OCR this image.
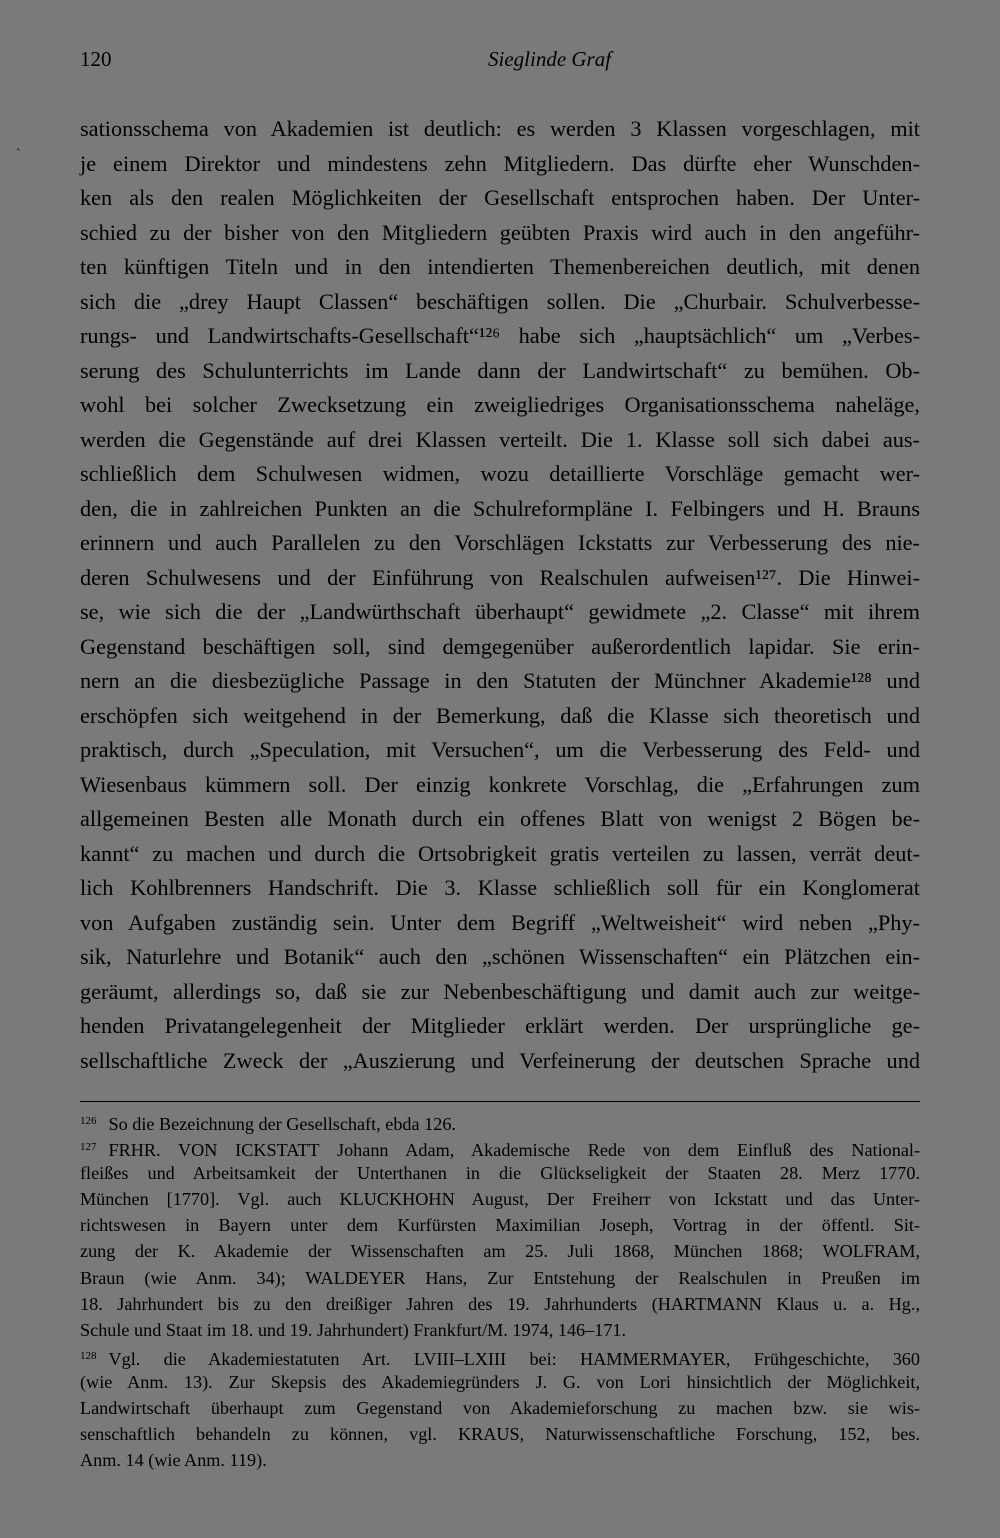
120	Sieglinde Graf
`
sationsschema von Akademien ist deutlich: es werden 3 Klassen vorgeschlagen, mit
je einem Direktor und mindestens zehn Mitgliedern. Das dürfte eher Wunschden-
ken als den realen Möglichkeiten der Gesellschaft entsprochen haben. Der Unter-
schied zu der bisher von den Mitgliedern geübten Praxis wird auch in den angeführ-
ten künftigen Titeln und in den intendierten Themenbereichen deutlich, mit denen
sich die „drey Haupt Classen“ beschäftigen sollen. Die „Churbair. Schulverbesse-
rungs- und Landwirtschafts-Gesellschaft“¹²⁶ habe sich „hauptsächlich“ um „Verbes-
serung des Schulunterrichts im Lande dann der Landwirtschaft“ zu bemühen. Ob-
wohl bei solcher Zwecksetzung ein zweigliedriges Organisationsschema naheläge,
werden die Gegenstände auf drei Klassen verteilt. Die 1. Klasse soll sich dabei aus-
schließlich dem Schulwesen widmen, wozu detaillierte Vorschläge gemacht wer-
den, die in zahlreichen Punkten an die Schulreformpläne I. Felbingers und H. Brauns
erinnern und auch Parallelen zu den Vorschlägen Ickstatts zur Verbesserung des nie-
deren Schulwesens und der Einführung von Realschulen aufweisen¹²⁷. Die Hinwei-
se, wie sich die der „Landwürthschaft überhaupt“ gewidmete „2. Classe“ mit ihrem
Gegenstand beschäftigen soll, sind demgegenüber außerordentlich lapidar. Sie erin-
nern an die diesbezügliche Passage in den Statuten der Münchner Akademie¹²⁸ und
erschöpfen sich weitgehend in der Bemerkung, daß die Klasse sich theoretisch und
praktisch, durch „Speculation, mit Versuchen“, um die Verbesserung des Feld- und
Wiesenbaus kümmern soll. Der einzig konkrete Vorschlag, die „Erfahrungen zum
allgemeinen Besten alle Monath durch ein offenes Blatt von wenigst 2 Bögen be-
kannt“ zu machen und durch die Ortsobrigkeit gratis verteilen zu lassen, verrät deut-
lich Kohlbrenners Handschrift. Die 3. Klasse schließlich soll für ein Konglomerat
von Aufgaben zuständig sein. Unter dem Begriff „Weltweisheit“ wird neben „Phy-
sik, Naturlehre und Botanik“ auch den „schönen Wissenschaften“ ein Plätzchen ein-
geräumt, allerdings so, daß sie zur Nebenbeschäftigung und damit auch zur weitge-
henden Privatangelegenheit der Mitglieder erklärt werden. Der ursprüngliche ge-
sellschaftliche Zweck der „Auszierung und Verfeinerung der deutschen Sprache und
$^{126}$ So die Bezeichnung der Gesellschaft, ebda 126.
$^{127}$ FRHR. VON ICKSTATT Johann Adam, Akademische Rede von dem Einfluß des National-
fleißes und Arbeitsamkeit der Unterthanen in die Glückseligkeit der Staaten 28. Merz 1770.
München [1770]. Vgl. auch KLUCKHOHN August, Der Freiherr von Ickstatt und das Unter-
richtswesen in Bayern unter dem Kurfürsten Maximilian Joseph, Vortrag in der öffentl. Sit-
zung der K. Akademie der Wissenschaften am 25. Juli 1868, München 1868; WOLFRAM,
Braun (wie Anm. 34); WALDEYER Hans, Zur Entstehung der Realschulen in Preußen im
18. Jahrhundert bis zu den dreißiger Jahren des 19. Jahrhunderts (HARTMANN Klaus u. a. Hg.,
Schule und Staat im 18. und 19. Jahrhundert) Frankfurt/M. 1974, 146–171.
$^{128}$ Vgl. die Akademiestatuten Art. LVIII–LXIII bei: HAMMERMAYER, Frühgeschichte, 360
(wie Anm. 13). Zur Skepsis des Akademiegründers J. G. von Lori hinsichtlich der Möglichkeit,
Landwirtschaft überhaupt zum Gegenstand von Akademieforschung zu machen bzw. sie wis-
senschaftlich behandeln zu können, vgl. KRAUS, Naturwissenschaftliche Forschung, 152, bes.
Anm. 14 (wie Anm. 119).
